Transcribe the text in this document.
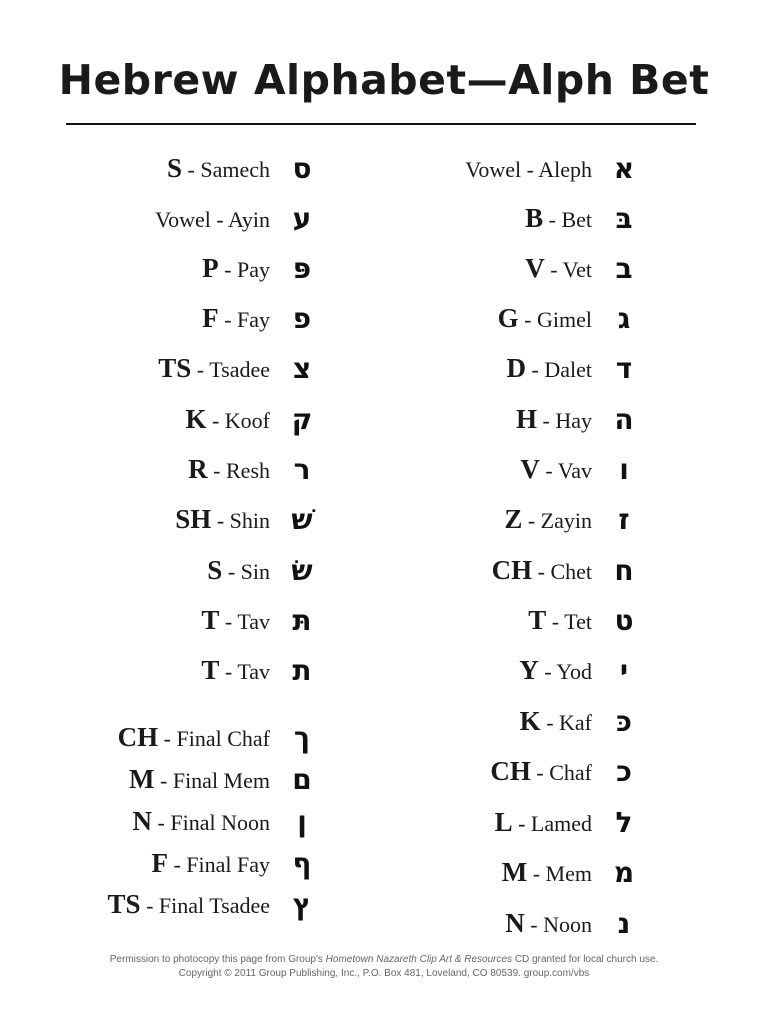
Hebrew Alphabet—Alph Bet
S - Samech ס
Vowel - Ayin ע
P - Pay פּ
F - Fay פ
TS - Tsadee צ
K - Koof ק
R - Resh ר
SH - Shin שׁ
S - Sin שׂ
T - Tav תּ
T - Tav ת
CH - Final Chaf ך
M - Final Mem ם
N - Final Noon ן
F - Final Fay ף
TS - Final Tsadee ץ
Vowel - Aleph א
B - Bet בּ
V - Vet ב
G - Gimel ג
D - Dalet ד
H - Hay ה
V - Vav ו
Z - Zayin ז
CH - Chet ח
T - Tet ט
Y - Yod י
K - Kaf כּ
CH - Chaf כ
L - Lamed ל
M - Mem מ
N - Noon נ
Permission to photocopy this page from Group's Hometown Nazareth Clip Art & Resources CD granted for local church use.
Copyright © 2011 Group Publishing, Inc., P.O. Box 481, Loveland, CO 80539. group.com/vbs
